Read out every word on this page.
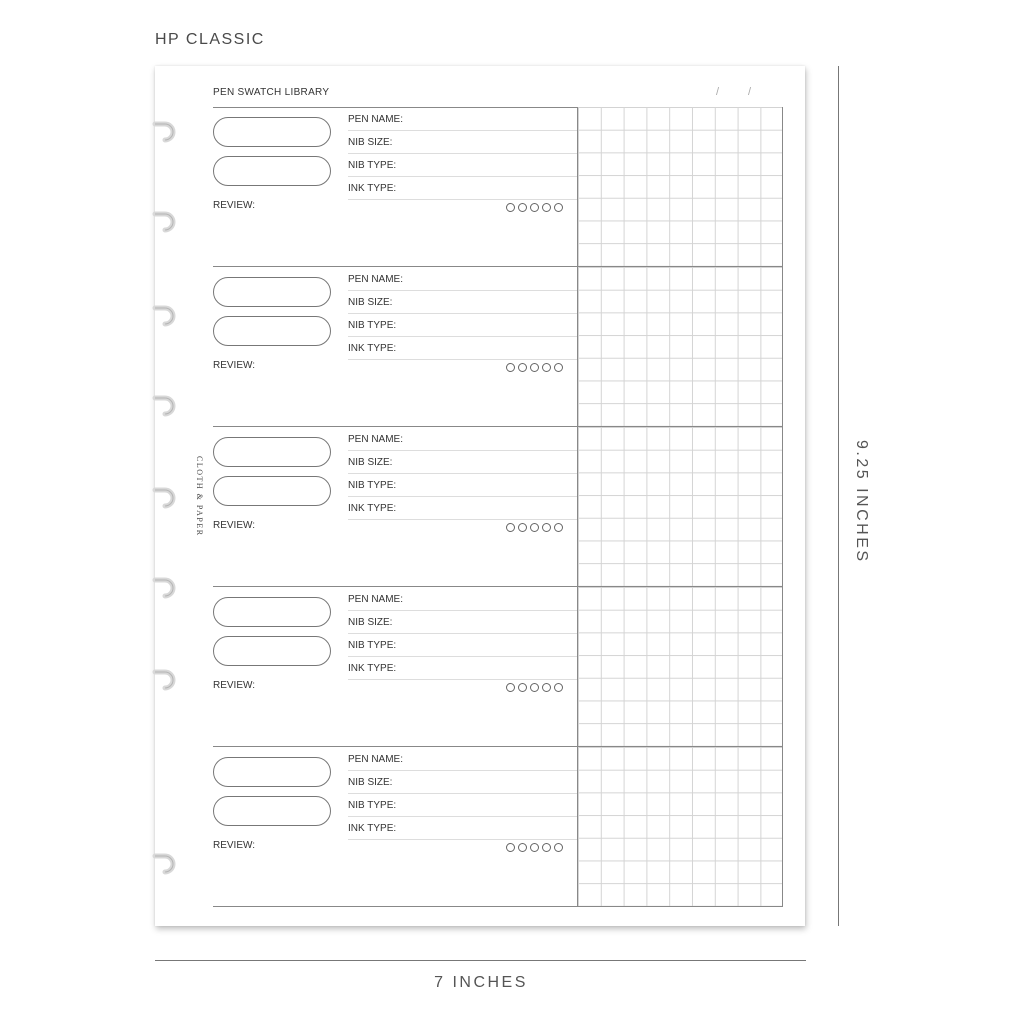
HP CLASSIC
PEN SWATCH LIBRARY	/	/
CLOTH & PAPER
PEN NAME:
NIB SIZE:
NIB TYPE:
INK TYPE:
REVIEW:
PEN NAME:
NIB SIZE:
NIB TYPE:
INK TYPE:
REVIEW:
PEN NAME:
NIB SIZE:
NIB TYPE:
INK TYPE:
REVIEW:
PEN NAME:
NIB SIZE:
NIB TYPE:
INK TYPE:
REVIEW:
PEN NAME:
NIB SIZE:
NIB TYPE:
INK TYPE:
REVIEW:
9.25 INCHES
7 INCHES
